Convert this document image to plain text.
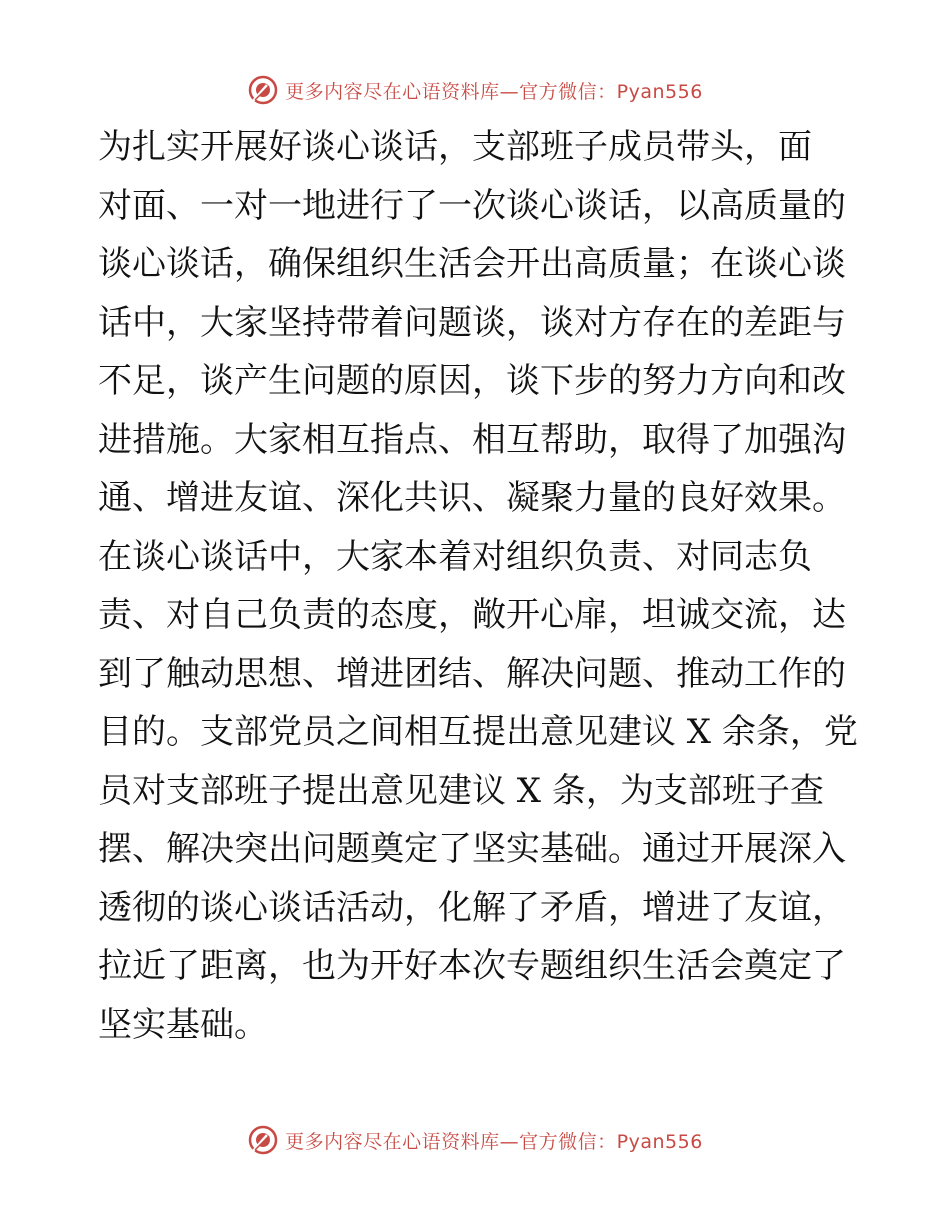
更多内容尽在心语资料库—官方微信：Pyan556
为扎实开展好谈心谈话，支部班子成员带头，面
对面、一对一地进行了一次谈心谈话，以高质量的
谈心谈话，确保组织生活会开出高质量；在谈心谈
话中，大家坚持带着问题谈，谈对方存在的差距与
不足，谈产生问题的原因，谈下步的努力方向和改
进措施。大家相互指点、相互帮助，取得了加强沟
通、增进友谊、深化共识、凝聚力量的良好效果。
在谈心谈话中，大家本着对组织负责、对同志负
责、对自己负责的态度，敞开心扉，坦诚交流，达
到了触动思想、增进团结、解决问题、推动工作的
目的。支部党员之间相互提出意见建议 X 余条，党
员对支部班子提出意见建议 X 条，为支部班子查
摆、解决突出问题奠定了坚实基础。通过开展深入
透彻的谈心谈话活动，化解了矛盾，增进了友谊，
拉近了距离，也为开好本次专题组织生活会奠定了
坚实基础。
更多内容尽在心语资料库—官方微信：Pyan556
